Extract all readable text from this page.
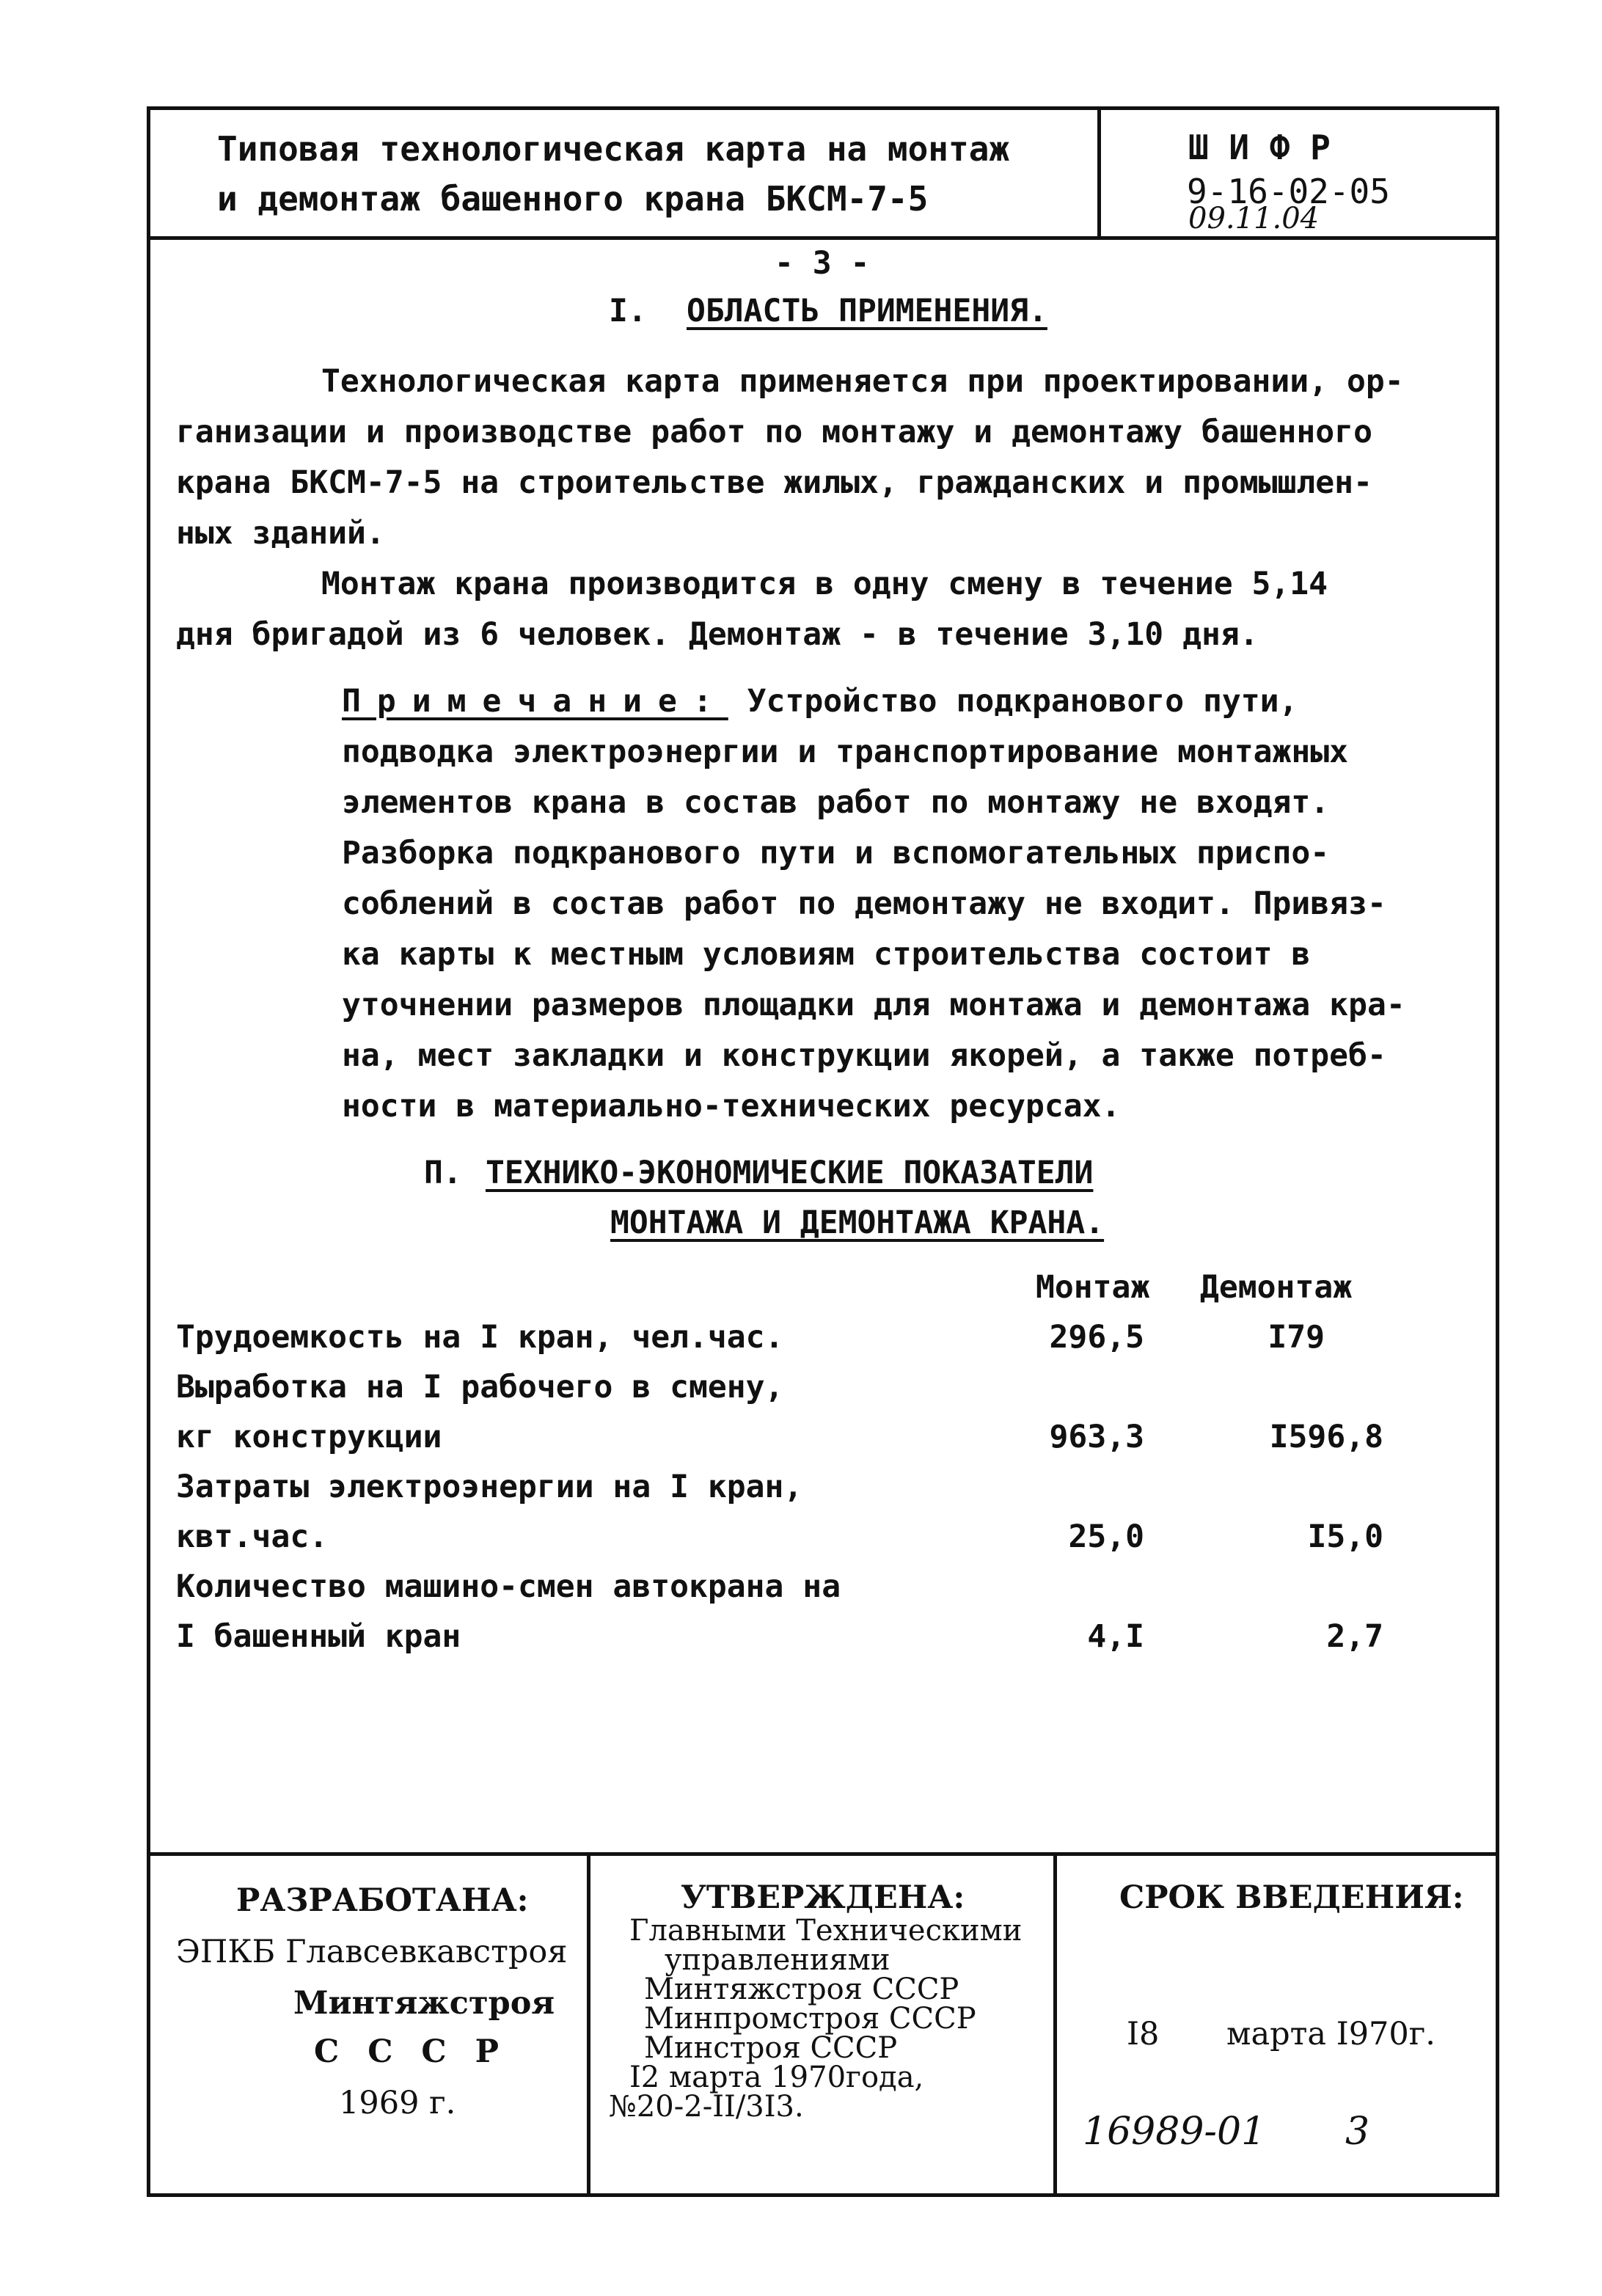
Типовая технологическая карта на монтаж
и демонтаж башенного крана БКСМ-7-5
Ш И Ф Р
9-16-02-05
09.11.04
- 3 -
I. ОБЛАСТЬ ПРИМЕНЕНИЯ.
Технологическая карта применяется при проектировании, ор-
ганизации и производстве работ по монтажу и демонтажу башенного
крана БКСМ-7-5 на строительстве жилых, гражданских и промышлен-
ных зданий.
Монтаж крана производится в одну смену в течение 5,14
дня бригадой из 6 человек. Демонтаж - в течение 3,10 дня.
Примечание: Устройство подкранового пути,
подводка электроэнергии и транспортирование монтажных
элементов крана в состав работ по монтажу не входят.
Разборка подкранового пути и вспомогательных приспо-
соблений в состав работ по демонтажу не входит. Привяз-
ка карты к местным условиям строительства состоит в
уточнении размеров площадки для монтажа и демонтажа кра-
на, мест закладки и конструкции якорей, а также потреб-
ности в материально-технических ресурсах.
П. ТЕХНИКО-ЭКОНОМИЧЕСКИЕ ПОКАЗАТЕЛИ
МОНТАЖА И ДЕМОНТАЖА КРАНА.
Монтаж Демонтаж
Трудоемкость на I кран, чел.час.	296,5	I79
Выработка на I рабочего в смену,
кг конструкции	963,3	I596,8
Затраты электроэнергии на I кран,
квт.час.	25,0	I5,0
Количество машино-смен автокрана на
I башенный кран	4,I	2,7
РАЗРАБОТАНА:
ЭПКБ Главсевкавстроя
Минтяжстроя
С С С Р
1969 г.
УТВЕРЖДЕНА:
Главными Техническими
управлениями
Минтяжстроя СССР
Минпромстроя СССР
Минстроя СССР
I2 марта 1970года,
№20-2-II/3I3.
СРОК ВВЕДЕНИЯ:
I8 марта I970г.
16989-01 3
